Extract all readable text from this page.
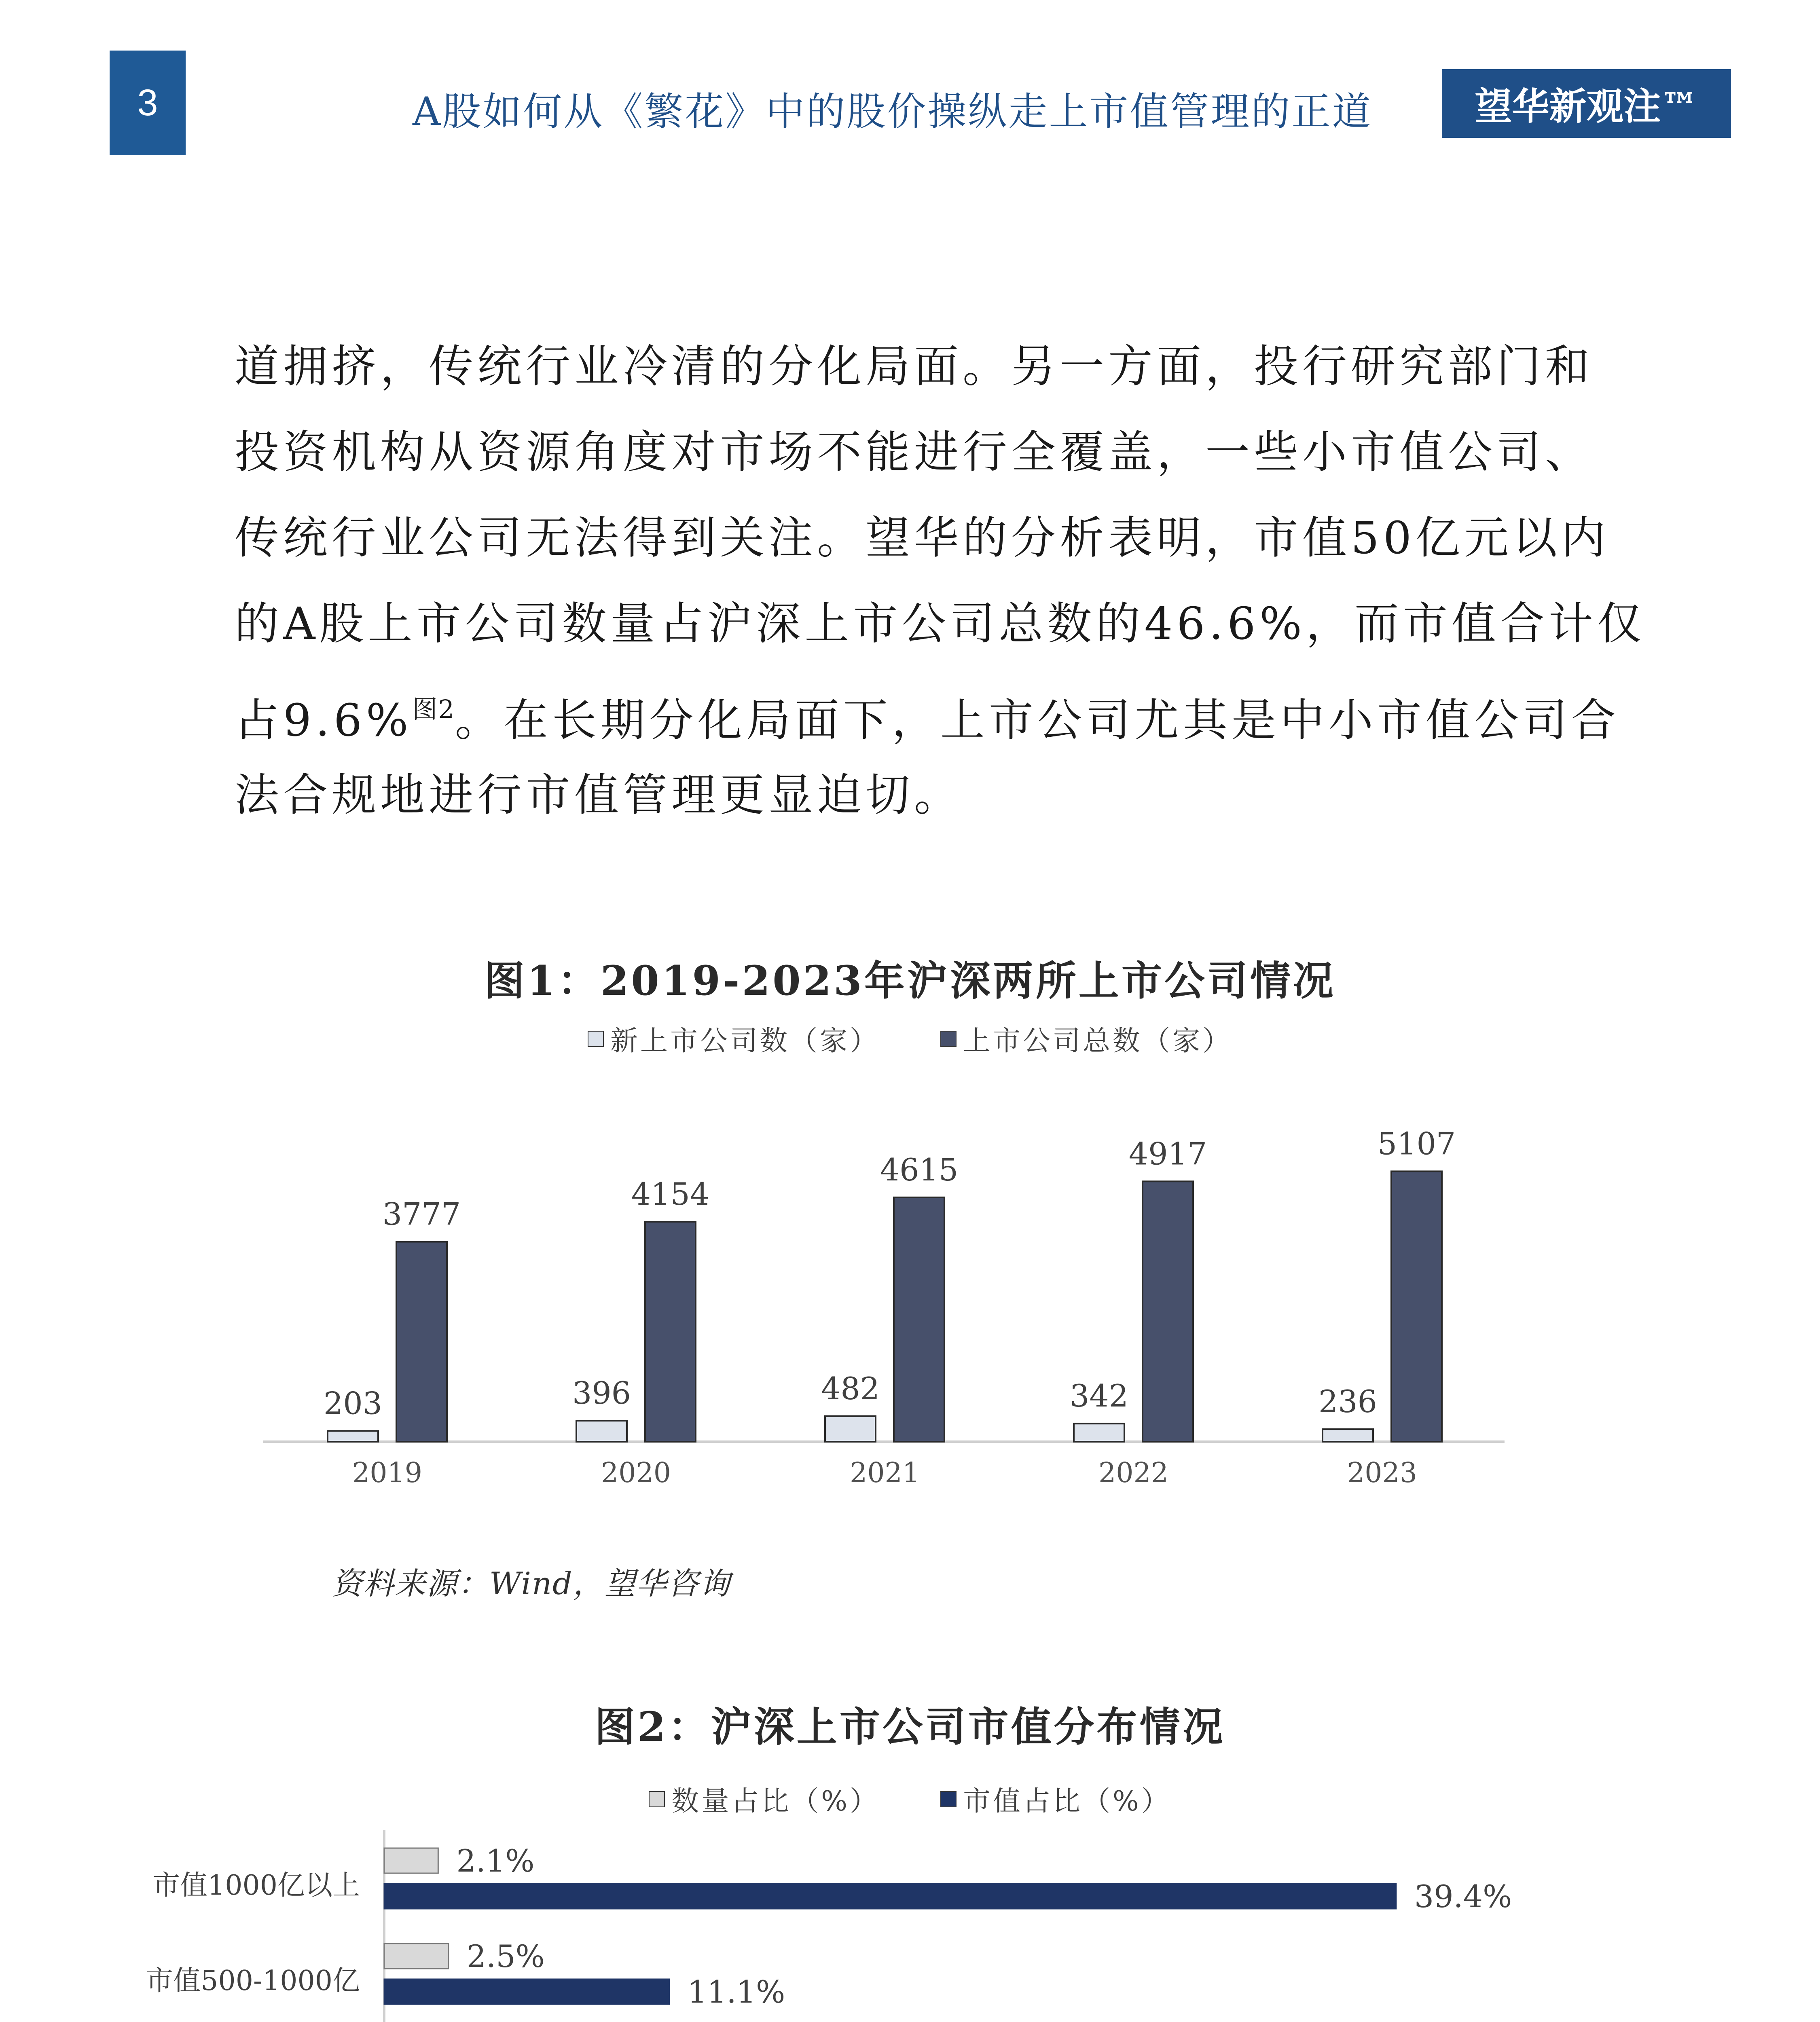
3	A股如何从《繁花》中的股价操纵走上市值管理的正道	望华新观注™
道拥挤，传统行业冷清的分化局面。另一方面，投行研究部门和
投资机构从资源角度对市场不能进行全覆盖，一些小市值公司、
传统行业公司无法得到关注。望华的分析表明，市值50亿元以内
的A股上市公司数量占沪深上市公司总数的46.6%，而市值合计仅
占9.6%$^{图2}$。在长期分化局面下，上市公司尤其是中小市值公司合
法合规地进行市值管理更显迫切。
图1：2019-2023年沪深两所上市公司情况
新上市公司数（家）	上市公司总数（家）
203
3777
2019
396
4154
2020
482
4615
2021
342
4917
2022
236
5107
2023
资料来源：Wind，望华咨询
图2：沪深上市公司市值分布情况
数量占比（%）	市值占比（%）
2.1%
39.4%
市值1000亿以上
2.5%
11.1%
市值500-1000亿
